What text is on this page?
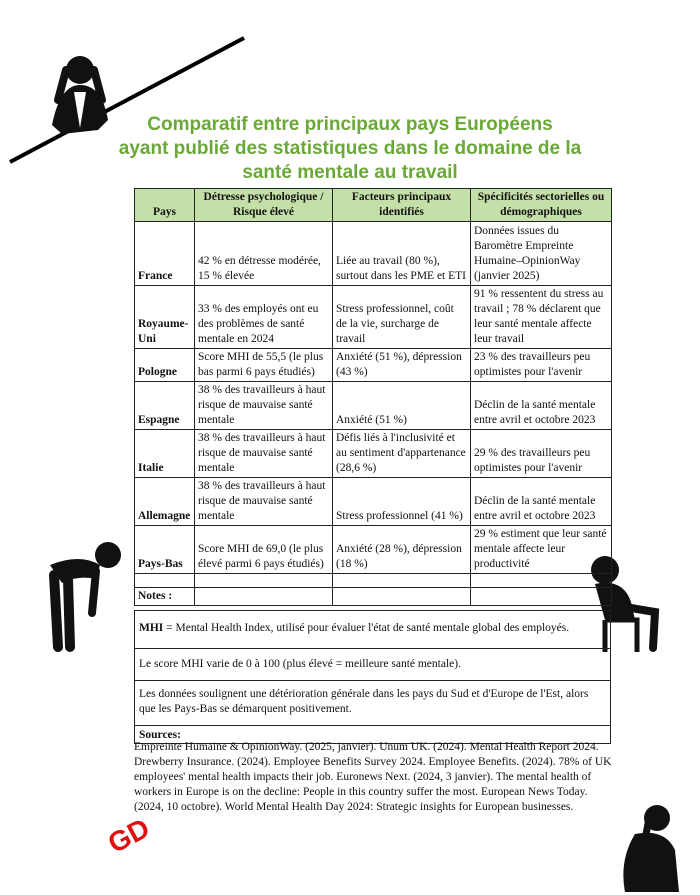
Comparatif entre principaux pays Européens
ayant publié des statistiques dans le domaine de la
santé mentale au travail
Pays	Détresse psychologique / Risque élevé	Facteurs principaux identifiés	Spécificités sectorielles ou démographiques
France	42 % en détresse modérée, 15 % élevée	Liée au travail (80 %), surtout dans les PME et ETI	Données issues du Baromètre Empreinte Humaine–OpinionWay (janvier 2025)
Royaume-Uni	33 % des employés ont eu des problèmes de santé mentale en 2024	Stress professionnel, coût de la vie, surcharge de travail	91 % ressentent du stress au travail ; 78 % déclarent que leur santé mentale affecte leur travail
Pologne	Score MHI de 55,5 (le plus bas parmi 6 pays étudiés)	Anxiété (51 %), dépression (43 %)	23 % des travailleurs peu optimistes pour l'avenir
Espagne	38 % des travailleurs à haut risque de mauvaise santé mentale	Anxiété (51 %)	Déclin de la santé mentale entre avril et octobre 2023
Italie	38 % des travailleurs à haut risque de mauvaise santé mentale	Défis liés à l'inclusivité et au sentiment d'appartenance (28,6 %)	29 % des travailleurs peu optimistes pour l'avenir
Allemagne	38 % des travailleurs à haut risque de mauvaise santé mentale	Stress professionnel (41 %)	Déclin de la santé mentale entre avril et octobre 2023
Pays-Bas	Score MHI de 69,0 (le plus élevé parmi 6 pays étudiés)	Anxiété (28 %), dépression (18 %)	29 % estiment que leur santé mentale affecte leur productivité

Notes :			
MHI = Mental Health Index, utilisé pour évaluer l'état de santé mentale global des employés.
Le score MHI varie de 0 à 100 (plus élevé = meilleure santé mentale).
Les données soulignent une détérioration générale dans les pays du Sud et d'Europe de l'Est, alors que les Pays-Bas se démarquent positivement.
Sources:
Empreinte Humaine & OpinionWay. (2025, janvier). Unum UK. (2024). Mental Health Report 2024. Drewberry Insurance. (2024). Employee Benefits Survey 2024. Employee Benefits. (2024). 78% of UK employees' mental health impacts their job. Euronews Next. (2024, 3 janvier). The mental health of workers in Europe is on the decline: People in this country suffer the most. European News Today. (2024, 10 octobre). World Mental Health Day 2024: Strategic insights for European businesses.
GD
